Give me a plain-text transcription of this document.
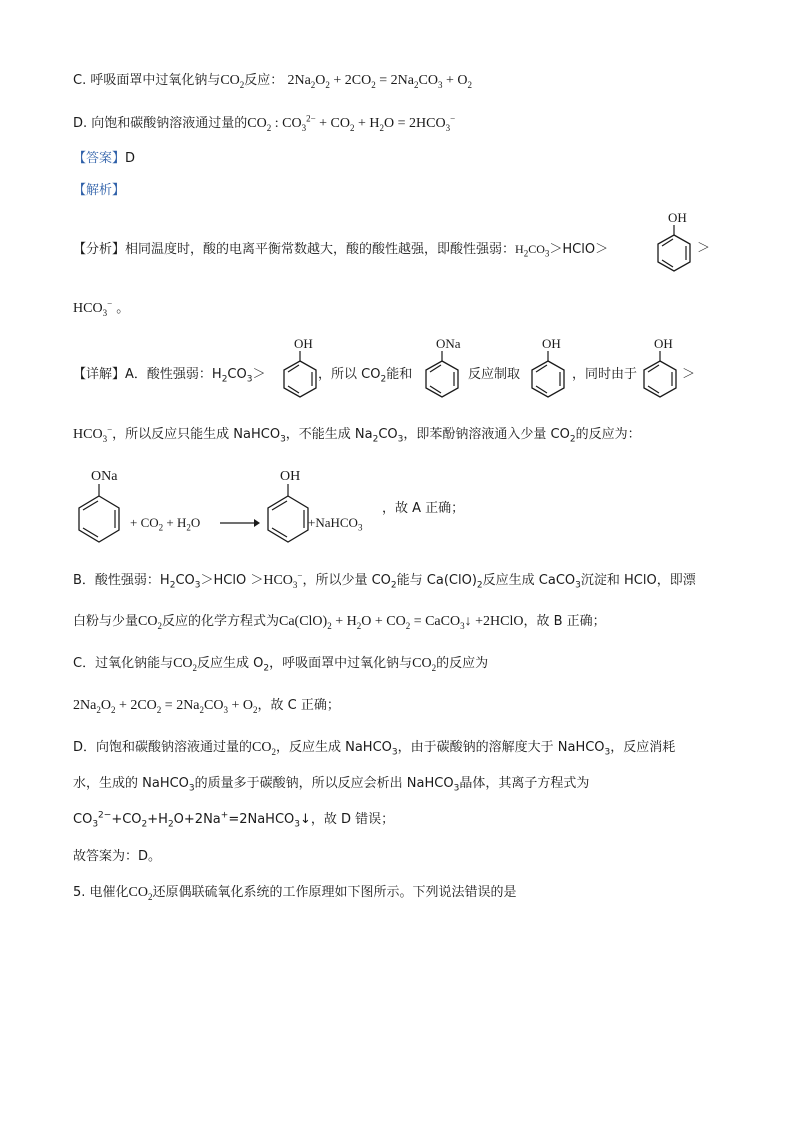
C. 呼吸面罩中过氧化钠与$CO_2$反应： $2Na_2O_2 + 2CO_2 = 2Na_2CO_3 + O_2$
D. 向饱和碳酸钠溶液通过量的$CO_2$ : $CO_3^{2-} + CO_2 + H_2O = 2HCO_3^-$
【答案】D
【解析】
【分析】相同温度时，酸的电离平衡常数越大，酸的酸性越强，即酸性强弱：$H_2CO_3>HClO>$
OH
＞
$HCO_3^-$ 。
【详解】A．酸性强弱：$H_2CO_3>$
OH
，所以 $CO_2$能和
ONa
反应制取
OH
，同时由于
OH
＞
$HCO_3^-$，所以反应只能生成 NaHCO$_3$，不能生成 $Na_2CO_3$，即苯酚钠溶液通入少量 $CO_2$的反应为：
ONa
+ $CO_2 + H_2O$
OH
+NaHCO$_3$
，故 A 正确；
B．酸性强弱：$H_2CO_3>HClO >HCO_3^-$，所以少量 $CO_2$能与 $Ca(ClO)_2$反应生成 CaCO$_3$沉淀和 HClO，即漂
白粉与少量$CO_2$反应的化学方程式为$Ca(ClO)_2 + H_2O + CO_2$ = CaCO$_3$↓ +2HClO，故 B 正确；
C．过氧化钠能与$CO_2$反应生成 $O_2$，呼吸面罩中过氧化钠与$CO_2$的反应为
$2Na_2O_2 + 2CO_2 = 2Na_2CO_3 + O_2$，故 C 正确；
D．向饱和碳酸钠溶液通过量的$CO_2$，反应生成 NaHCO$_3$，由于碳酸钠的溶解度大于 NaHCO$_3$，反应消耗
水，生成的 NaHCO$_3$的质量多于碳酸钠，所以反应会析出 NaHCO$_3$晶体，其离子方程式为
$CO_3^{2-}+CO_2+H_2O+2Na^+=2NaHCO_3↓$，故 D 错误；
故答案为：D。
5. 电催化$CO_2$还原偶联硫氧化系统的工作原理如下图所示。下列说法错误的是
